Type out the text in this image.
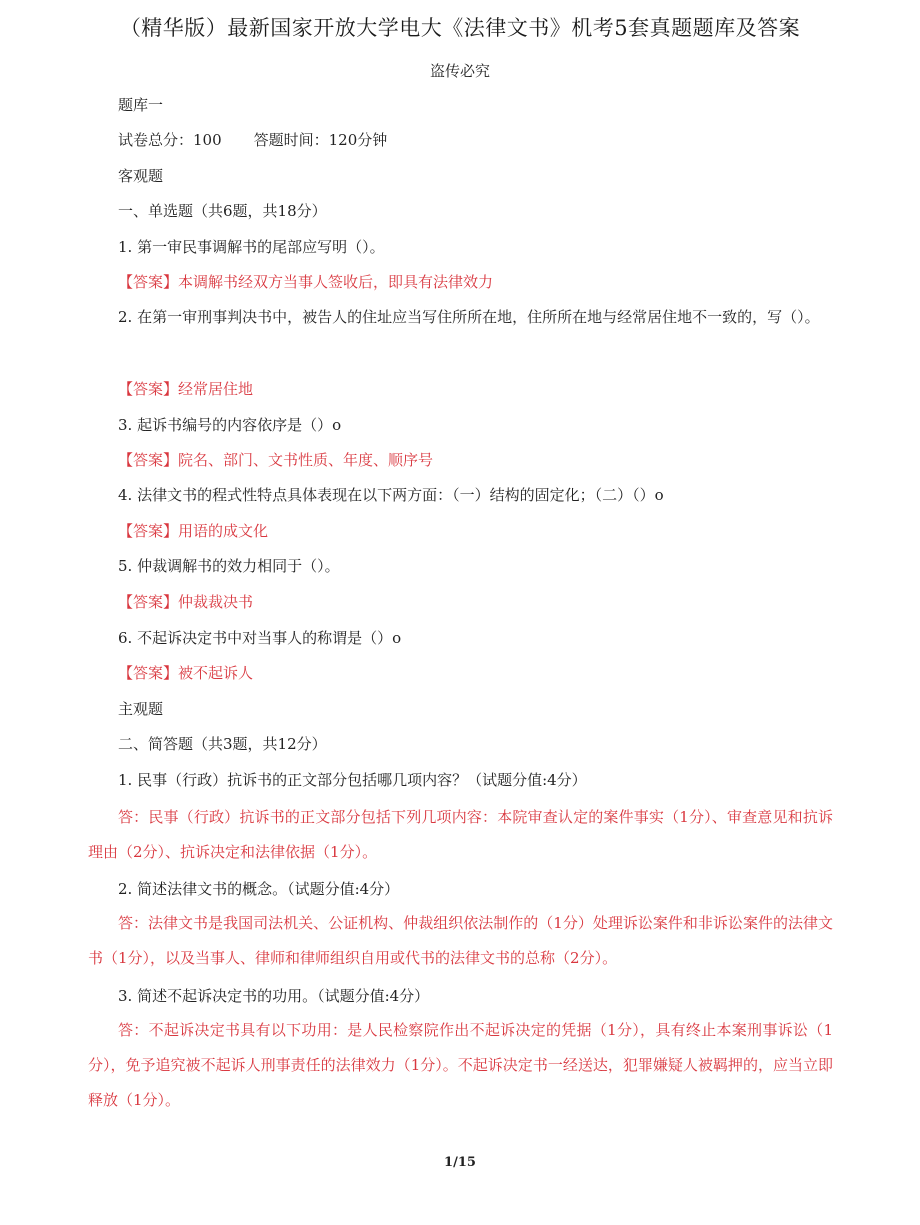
（精华版）最新国家开放大学电大《法律文书》机考5套真题题库及答案
盗传必究
题库一
试卷总分：100 答题时间：120分钟
客观题
一、单选题（共6题，共18分）
1. 第一审民事调解书的尾部应写明（）。
【答案】本调解书经双方当事人签收后，即具有法律效力
2. 在第一审刑事判决书中，被告人的住址应当写住所所在地，住所所在地与经常居住地不一致的，写（）。
【答案】经常居住地
3. 起诉书编号的内容依序是（）o
【答案】院名、部门、文书性质、年度、顺序号
4. 法律文书的程式性特点具体表现在以下两方面：（一）结构的固定化；（二）（）o
【答案】用语的成文化
5. 仲裁调解书的效力相同于（）。
【答案】仲裁裁决书
6. 不起诉决定书中对当事人的称谓是（）o
【答案】被不起诉人
主观题
二、简答题（共3题，共12分）
1. 民事（行政）抗诉书的正文部分包括哪几项内容？（试题分值:4分）
答：民事（行政）抗诉书的正文部分包括下列几项内容：本院审查认定的案件事实（1分）、审查意见和抗诉理由（2分）、抗诉决定和法律依据（1分）。
2. 简述法律文书的概念。（试题分值:4分）
答：法律文书是我国司法机关、公证机构、仲裁组织依法制作的（1分）处理诉讼案件和非诉讼案件的法律文书（1分），以及当事人、律师和律师组织自用或代书的法律文书的总称（2分）。
3. 简述不起诉决定书的功用。（试题分值:4分）
答：不起诉决定书具有以下功用：是人民检察院作出不起诉决定的凭据（1分），具有终止本案刑事诉讼（1分），免予追究被不起诉人刑事责任的法律效力（1分）。不起诉决定书一经送达，犯罪嫌疑人被羁押的，应当立即释放（1分）。
1/15
